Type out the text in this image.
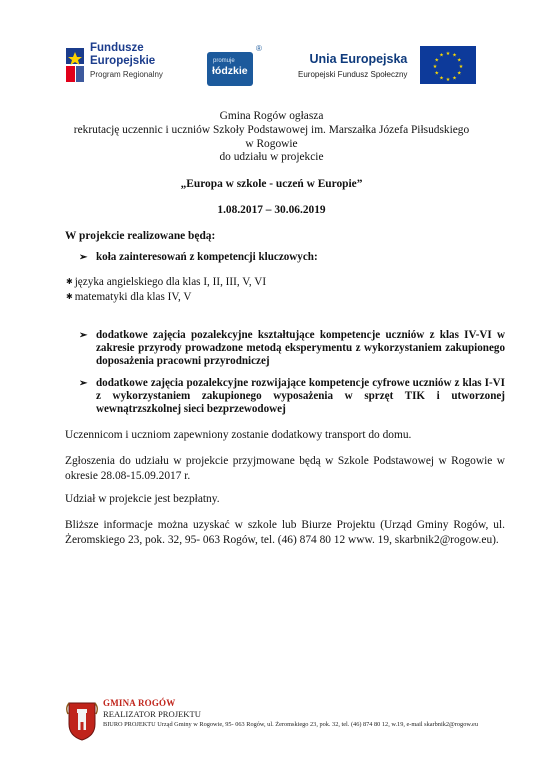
Fundusze
Europejskie
Program Regionalny
promuje
łódzkie
®
Unia Europejska
Europejski Fundusz Społeczny
★ ★
★
★
★
★
★
★
★
★
★
★
Gmina Rogów ogłasza
rekrutację uczennic i uczniów Szkoły Podstawowej im. Marszałka Józefa Piłsudskiego
w Rogowie
do udziału w projekcie
„Europa w szkole - uczeń w Europie”
1.08.2017 – 30.06.2019
W projekcie realizowane będą:
➢ koła zainteresowań z kompetencji kluczowych:
✱ języka angielskiego dla klas I, II, III, V, VI
✱ matematyki dla klas IV, V
➢ dodatkowe zajęcia pozalekcyjne kształtujące kompetencje uczniów z klas IV-VI w zakresie przyrody prowadzone metodą eksperymentu z wykorzystaniem zakupionego doposażenia pracowni przyrodniczej
➢ dodatkowe zajęcia pozalekcyjne rozwijające kompetencje cyfrowe uczniów z klas I-VI z wykorzystaniem zakupionego wyposażenia w sprzęt TIK i utworzonej wewnątrzszkolnej sieci bezprzewodowej
Uczennicom i uczniom zapewniony zostanie dodatkowy transport do domu.
Zgłoszenia do udziału w projekcie przyjmowane będą w Szkole Podstawowej w Rogowie w okresie 28.08-15.09.2017 r.
Udział w projekcie jest bezpłatny.
Bliższe informacje można uzyskać w szkole lub Biurze Projektu (Urząd Gminy Rogów, ul. Żeromskiego 23, pok. 32, 95- 063 Rogów, tel. (46) 874 80 12 www. 19, skarbnik2@rogow.eu).
GMINA ROGÓW
REALIZATOR PROJEKTU
BIURO PROJEKTU Urząd Gminy w Rogowie, 95- 063 Rogów, ul. Żeromskiego 23, pok. 32, tel. (46) 874 80 12, w.19, e-mail skarbnik2@rogow.eu
